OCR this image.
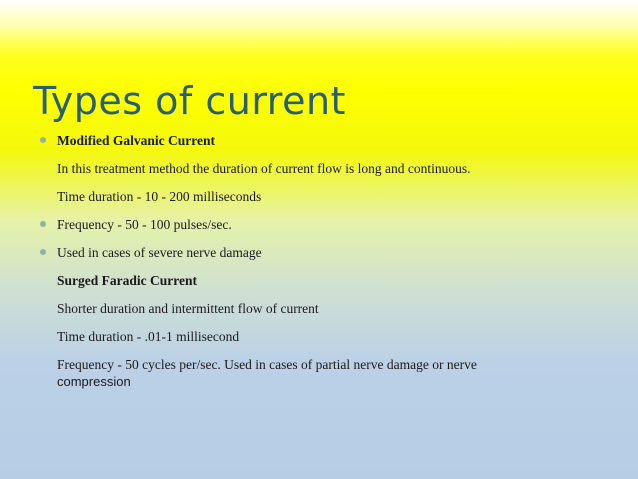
Types of current
Modified Galvanic Current
In this treatment method the duration of current flow is long and continuous.
Time duration - 10 - 200 milliseconds
Frequency - 50 - 100 pulses/sec.
Used in cases of severe nerve damage
Surged Faradic Current
Shorter duration and intermittent flow of current
Time duration - .01-1 millisecond
Frequency - 50 cycles per/sec. Used in cases of partial nerve damage or nerve
compression
